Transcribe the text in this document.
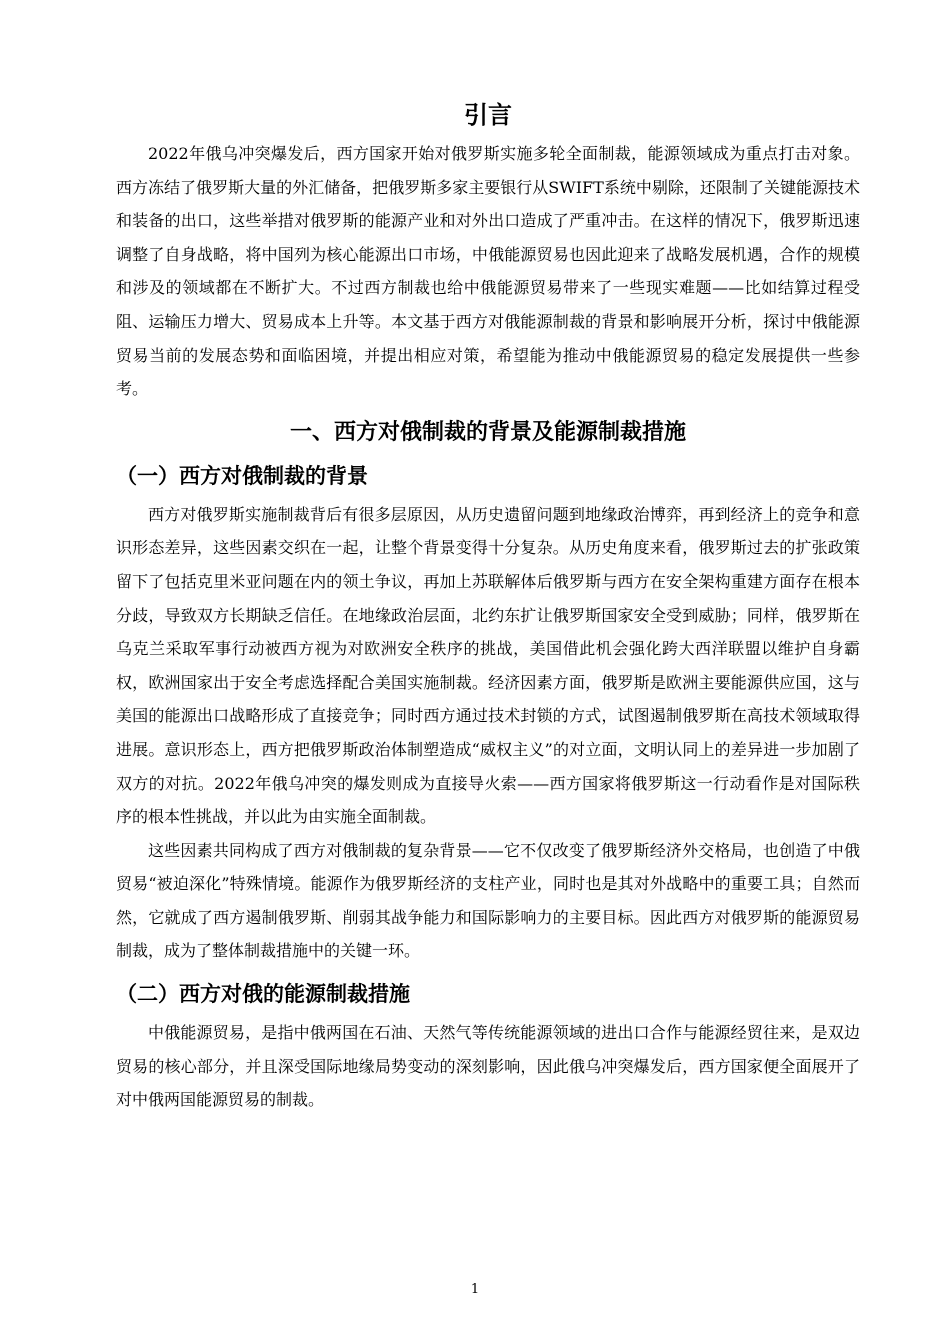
引言

2022年俄乌冲突爆发后，西方国家开始对俄罗斯实施多轮全面制裁，能源领域成为重点打击对象。西方冻结了俄罗斯大量的外汇储备，把俄罗斯多家主要银行从SWIFT系统中剔除，还限制了关键能源技术和装备的出口，这些举措对俄罗斯的能源产业和对外出口造成了严重冲击。在这样的情况下，俄罗斯迅速调整了自身战略，将中国列为核心能源出口市场，中俄能源贸易也因此迎来了战略发展机遇，合作的规模和涉及的领域都在不断扩大。不过西方制裁也给中俄能源贸易带来了一些现实难题——比如结算过程受阻、运输压力增大、贸易成本上升等。本文基于西方对俄能源制裁的背景和影响展开分析，探讨中俄能源贸易当前的发展态势和面临困境，并提出相应对策，希望能为推动中俄能源贸易的稳定发展提供一些参考。

一、西方对俄制裁的背景及能源制裁措施
（一）西方对俄制裁的背景

西方对俄罗斯实施制裁背后有很多层原因，从历史遗留问题到地缘政治博弈，再到经济上的竞争和意识形态差异，这些因素交织在一起，让整个背景变得十分复杂。从历史角度来看，俄罗斯过去的扩张政策留下了包括克里米亚问题在内的领土争议，再加上苏联解体后俄罗斯与西方在安全架构重建方面存在根本分歧，导致双方长期缺乏信任。在地缘政治层面，北约东扩让俄罗斯国家安全受到威胁；同样，俄罗斯在乌克兰采取军事行动被西方视为对欧洲安全秩序的挑战，美国借此机会强化跨大西洋联盟以维护自身霸权，欧洲国家出于安全考虑选择配合美国实施制裁。经济因素方面，俄罗斯是欧洲主要能源供应国，这与美国的能源出口战略形成了直接竞争；同时西方通过技术封锁的方式，试图遏制俄罗斯在高技术领域取得进展。意识形态上，西方把俄罗斯政治体制塑造成“威权主义”的对立面，文明认同上的差异进一步加剧了双方的对抗。2022年俄乌冲突的爆发则成为直接导火索——西方国家将俄罗斯这一行动看作是对国际秩序的根本性挑战，并以此为由实施全面制裁。

这些因素共同构成了西方对俄制裁的复杂背景——它不仅改变了俄罗斯经济外交格局，也创造了中俄贸易“被迫深化”特殊情境。能源作为俄罗斯经济的支柱产业，同时也是其对外战略中的重要工具；自然而然，它就成了西方遏制俄罗斯、削弱其战争能力和国际影响力的主要目标。因此西方对俄罗斯的能源贸易制裁，成为了整体制裁措施中的关键一环。

（二）西方对俄的能源制裁措施

中俄能源贸易，是指中俄两国在石油、天然气等传统能源领域的进出口合作与能源经贸往来，是双边贸易的核心部分，并且深受国际地缘局势变动的深刻影响，因此俄乌冲突爆发后，西方国家便全面展开了对中俄两国能源贸易的制裁。

1
